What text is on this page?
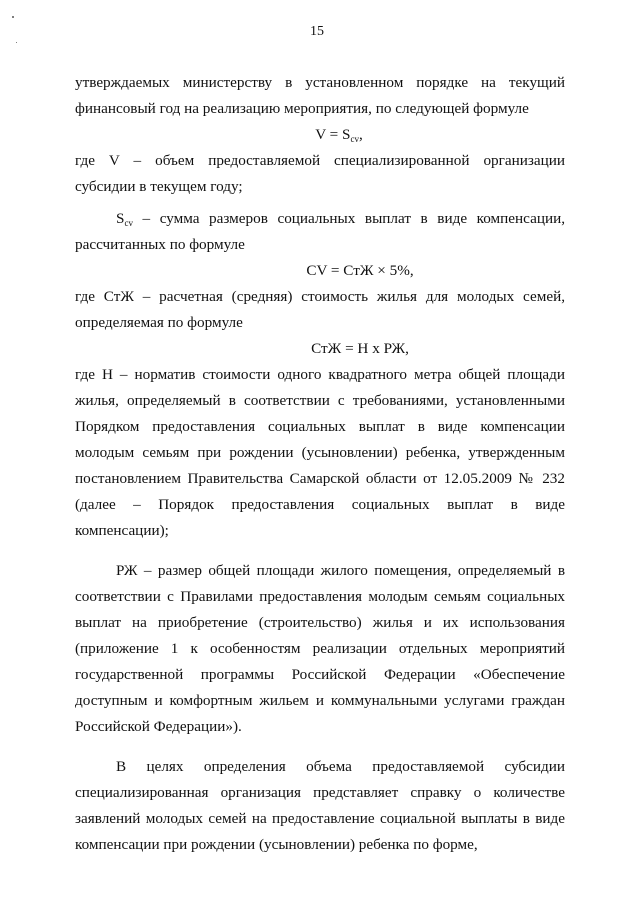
15

утверждаемых министерству в установленном порядке на текущий финансовый год на реализацию мероприятия, по следующей формуле

$V = S_{cv}$,

где V – объем предоставляемой специализированной организации субсидии в текущем году;

$S_{cv}$ – сумма размеров социальных выплат в виде компенсации, рассчитанных по формуле

CV = СтЖ × 5%,

где СтЖ – расчетная (средняя) стоимость жилья для молодых семей, определяемая по формуле

СтЖ = Н х РЖ,

где Н – норматив стоимости одного квадратного метра общей площади жилья, определяемый в соответствии с требованиями, установленными Порядком предоставления социальных выплат в виде компенсации молодым семьям при рождении (усыновлении) ребенка, утвержденным постановлением Правительства Самарской области от 12.05.2009 № 232 (далее – Порядок предоставления социальных выплат в виде компенсации);

РЖ – размер общей площади жилого помещения, определяемый в соответствии с Правилами предоставления молодым семьям социальных выплат на приобретение (строительство) жилья и их использования (приложение 1 к особенностям реализации отдельных мероприятий государственной программы Российской Федерации «Обеспечение доступным и комфортным жильем и коммунальными услугами граждан Российской Федерации»).

В целях определения объема предоставляемой субсидии специализированная организация представляет справку о количестве заявлений молодых семей на предоставление социальной выплаты в виде компенсации при рождении (усыновлении) ребенка по форме,
